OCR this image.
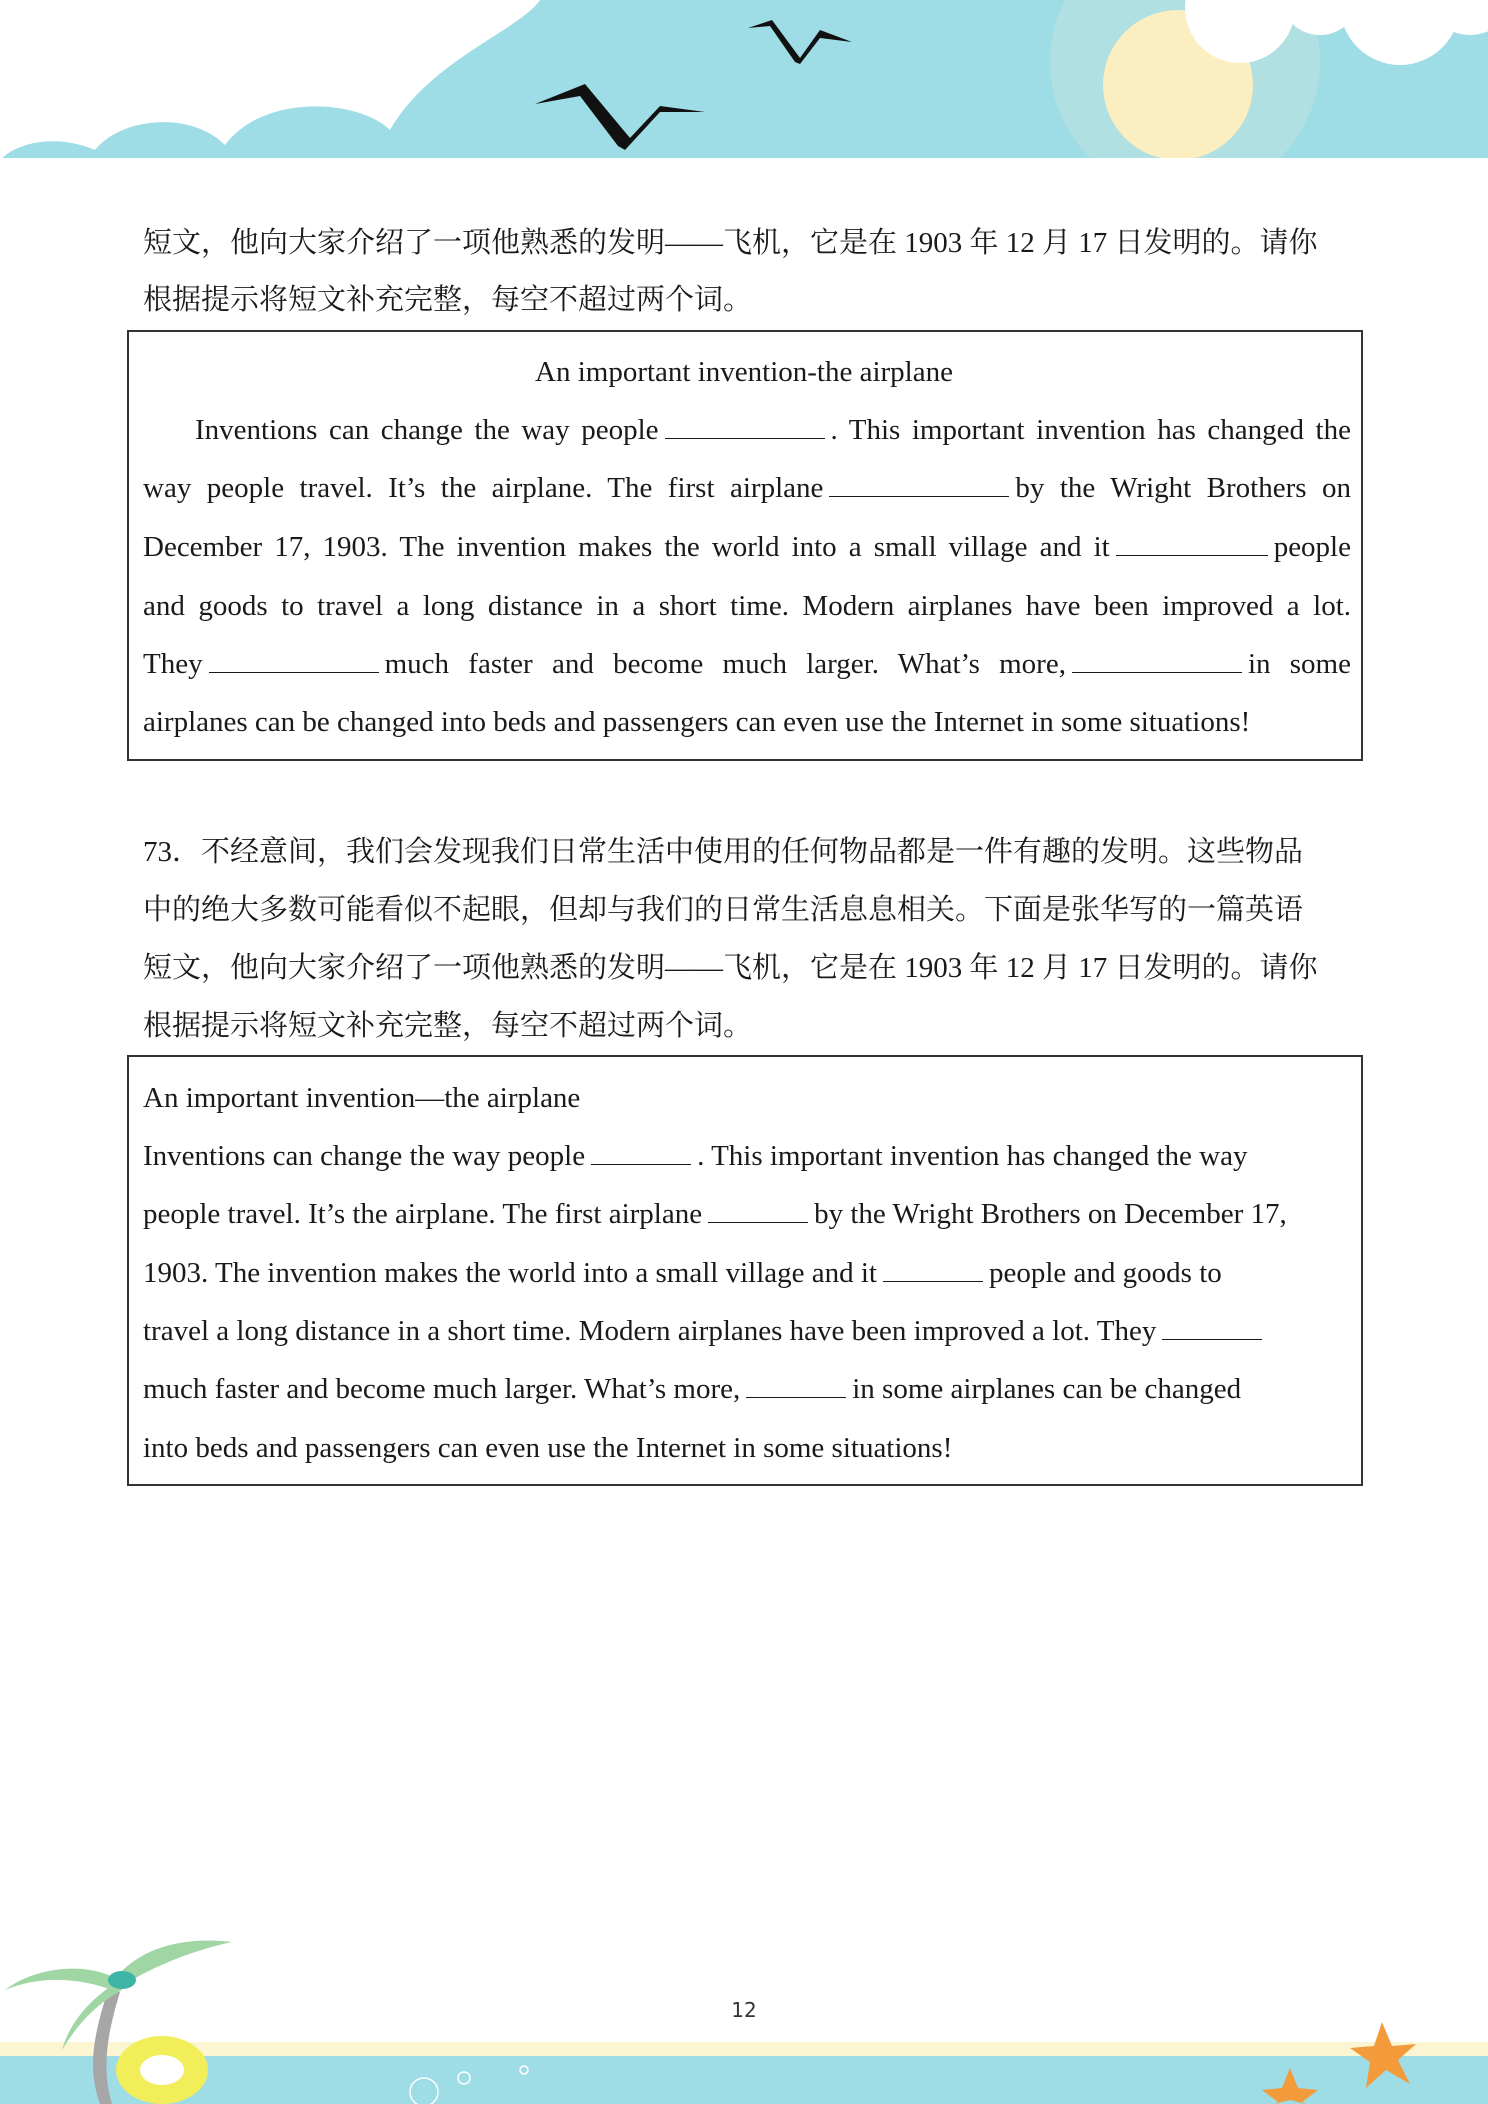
短文，他向大家介绍了一项他熟悉的发明——飞机，它是在 1903 年 12 月 17 日发明的。请你
根据提示将短文补充完整，每空不超过两个词。
An important invention-the airplane
Inventions can change the way people	. This important invention has changed the
way people travel. It’s the airplane. The first airplane	by the Wright Brothers on
December 17, 1903. The invention makes the world into a small village and it	people
and goods to travel a long distance in a short time. Modern airplanes have been improved a lot.
They	much faster and become much larger. What’s more,	in some
airplanes can be changed into beds and passengers can even use the Internet in some situations!
73．不经意间，我们会发现我们日常生活中使用的任何物品都是一件有趣的发明。这些物品
中的绝大多数可能看似不起眼，但却与我们的日常生活息息相关。下面是张华写的一篇英语
短文，他向大家介绍了一项他熟悉的发明——飞机，它是在 1903 年 12 月 17 日发明的。请你
根据提示将短文补充完整，每空不超过两个词。
An important invention—the airplane
Inventions can change the way people	. This important invention has changed the way
people travel. It’s the airplane. The first airplane	by the Wright Brothers on December 17,
1903. The invention makes the world into a small village and it	people and goods to
travel a long distance in a short time. Modern airplanes have been improved a lot. They
much faster and become much larger. What’s more,	in some airplanes can be changed
into beds and passengers can even use the Internet in some situations!
12
